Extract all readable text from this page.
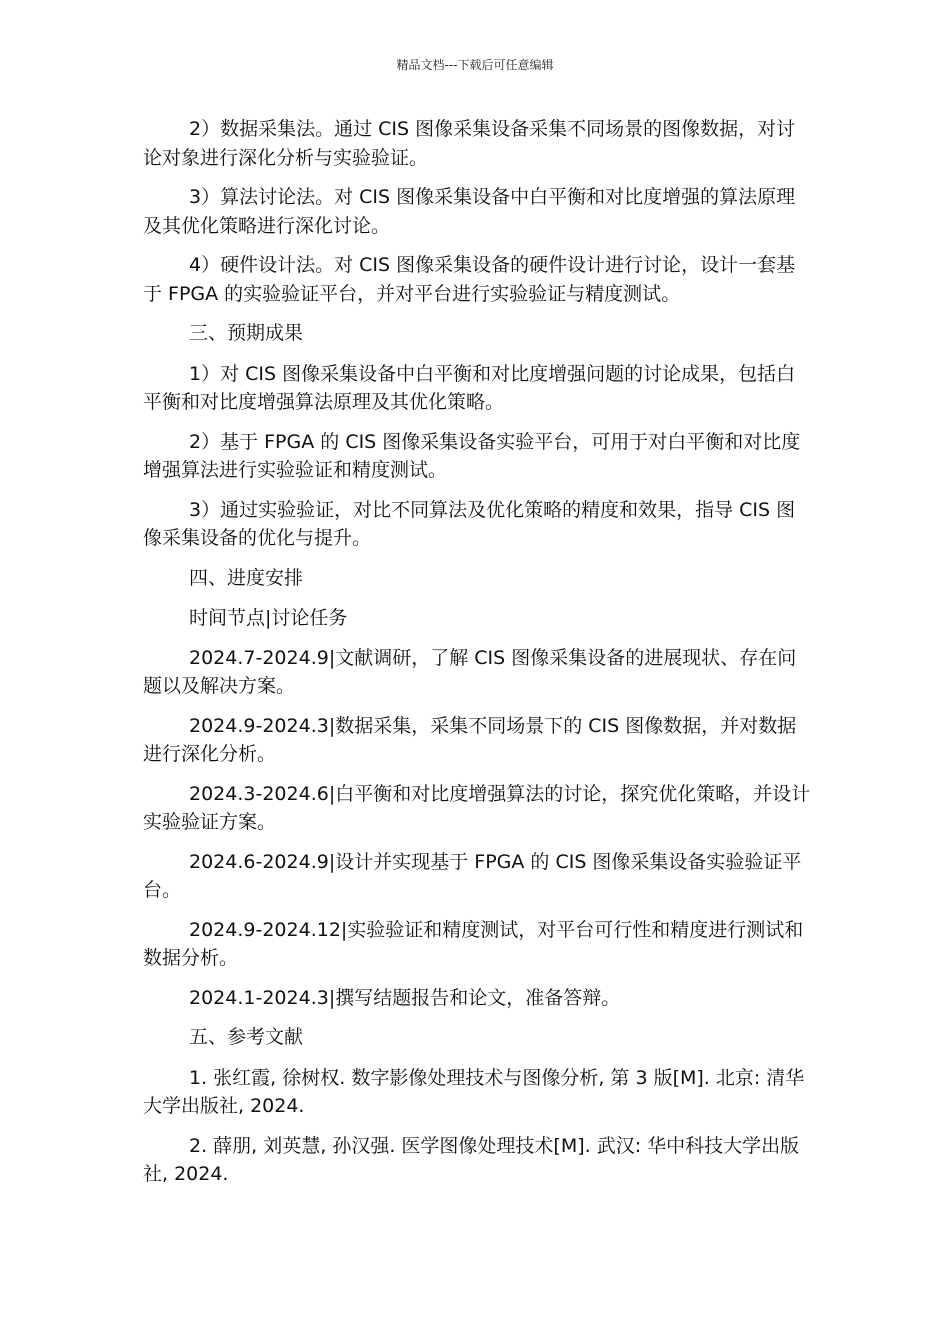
精品文档---下载后可任意编辑

2）数据采集法。通过 CIS 图像采集设备采集不同场景的图像数据，对讨论对象进行深化分析与实验验证。

3）算法讨论法。对 CIS 图像采集设备中白平衡和对比度增强的算法原理及其优化策略进行深化讨论。

4）硬件设计法。对 CIS 图像采集设备的硬件设计进行讨论，设计一套基于 FPGA 的实验验证平台，并对平台进行实验验证与精度测试。

三、预期成果

1）对 CIS 图像采集设备中白平衡和对比度增强问题的讨论成果，包括白平衡和对比度增强算法原理及其优化策略。

2）基于 FPGA 的 CIS 图像采集设备实验平台，可用于对白平衡和对比度增强算法进行实验验证和精度测试。

3）通过实验验证，对比不同算法及优化策略的精度和效果，指导 CIS 图像采集设备的优化与提升。

四、进度安排

时间节点|讨论任务

2024.7-2024.9|文献调研，了解 CIS 图像采集设备的进展现状、存在问题以及解决方案。

2024.9-2024.3|数据采集，采集不同场景下的 CIS 图像数据，并对数据进行深化分析。

2024.3-2024.6|白平衡和对比度增强算法的讨论，探究优化策略，并设计实验验证方案。

2024.6-2024.9|设计并实现基于 FPGA 的 CIS 图像采集设备实验验证平台。

2024.9-2024.12|实验验证和精度测试，对平台可行性和精度进行测试和数据分析。

2024.1-2024.3|撰写结题报告和论文，准备答辩。

五、参考文献

1. 张红霞, 徐树权. 数字影像处理技术与图像分析, 第 3 版[M]. 北京: 清华大学出版社, 2024.

2. 薛朋, 刘英慧, 孙汉强. 医学图像处理技术[M]. 武汉: 华中科技大学出版社, 2024.
